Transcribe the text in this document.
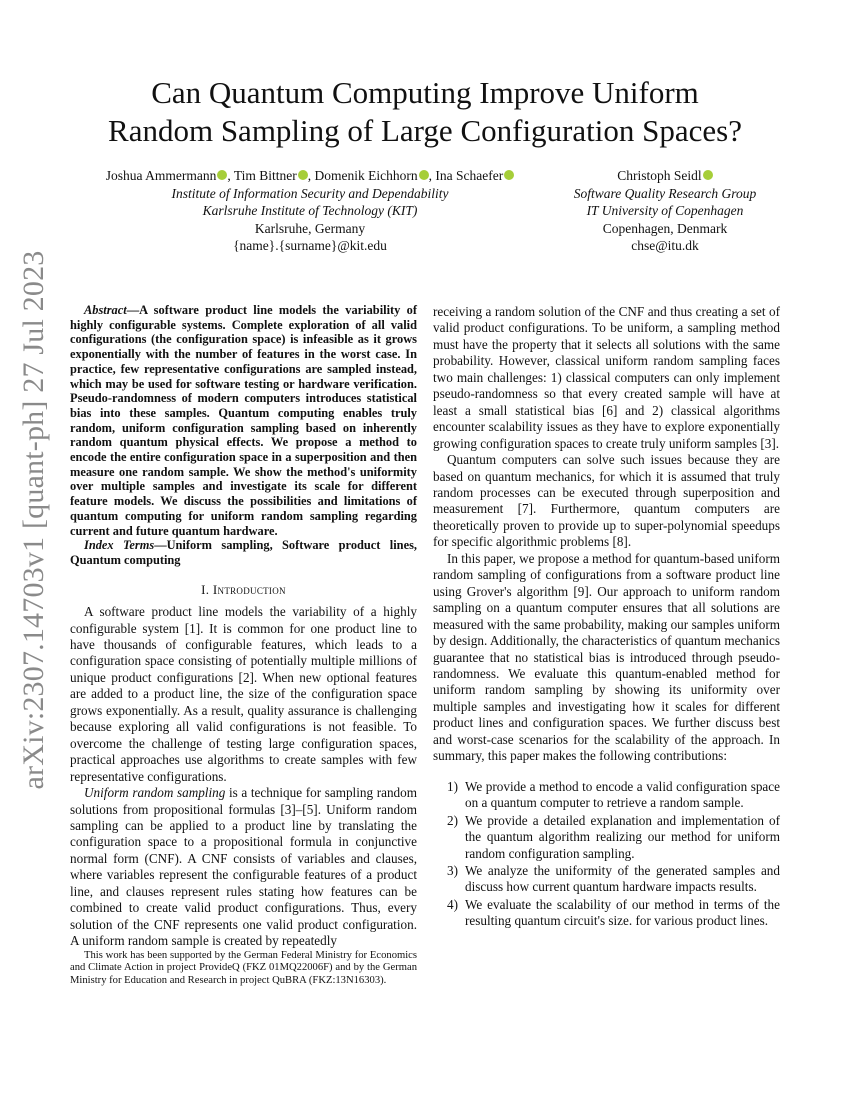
arXiv:2307.14703v1 [quant-ph] 27 Jul 2023
Can Quantum Computing Improve Uniform
Random Sampling of Large Configuration Spaces?
Joshua Ammermann , Tim Bittner , Domenik Eichhorn , Ina Schaefer
Institute of Information Security and Dependability
Karlsruhe Institute of Technology (KIT)
Karlsruhe, Germany
{name}.{surname}@kit.edu
Christoph Seidl
Software Quality Research Group
IT University of Copenhagen
Copenhagen, Denmark
chse@itu.dk

Abstract—A software product line models the variability of highly configurable systems. Complete exploration of all valid configurations (the configuration space) is infeasible as it grows exponentially with the number of features in the worst case. In practice, few representative configurations are sampled instead, which may be used for software testing or hardware verification. Pseudo-randomness of modern computers introduces statistical bias into these samples. Quantum computing enables truly random, uniform configuration sampling based on inherently random quantum physical effects. We propose a method to encode the entire configuration space in a superposition and then measure one random sample. We show the method's uniformity over multiple samples and investigate its scale for different feature models. We discuss the possibilities and limitations of quantum computing for uniform random sampling regarding current and future quantum hardware.

Index Terms—Uniform sampling, Software product lines, Quantum computing

I. Introduction

A software product line models the variability of a highly configurable system [1]. It is common for one product line to have thousands of configurable features, which leads to a configuration space consisting of potentially multiple millions of unique product configurations [2]. When new optional features are added to a product line, the size of the configuration space grows exponentially. As a result, quality assurance is challenging because exploring all valid configurations is not feasible. To overcome the challenge of testing large configuration spaces, practical approaches use algorithms to create samples with few representative configurations.

Uniform random sampling is a technique for sampling random solutions from propositional formulas [3]–[5]. Uniform random sampling can be applied to a product line by translating the configuration space to a propositional formula in conjunctive normal form (CNF). A CNF consists of variables and clauses, where variables represent the configurable features of a product line, and clauses represent rules stating how features can be combined to create valid product configurations. Thus, every solution of the CNF represents one valid product configuration. A uniform random sample is created by repeatedly

This work has been supported by the German Federal Ministry for Economics and Climate Action in project ProvideQ (FKZ 01MQ22006F) and by the German Ministry for Education and Research in project QuBRA (FKZ:13N16303).

receiving a random solution of the CNF and thus creating a set of valid product configurations. To be uniform, a sampling method must have the property that it selects all solutions with the same probability. However, classical uniform random sampling faces two main challenges: 1) classical computers can only implement pseudo-randomness so that every created sample will have at least a small statistical bias [6] and 2) classical algorithms encounter scalability issues as they have to explore exponentially growing configuration spaces to create truly uniform samples [3].

Quantum computers can solve such issues because they are based on quantum mechanics, for which it is assumed that truly random processes can be executed through superposition and measurement [7]. Furthermore, quantum computers are theoretically proven to provide up to super-polynomial speedups for specific algorithmic problems [8].

In this paper, we propose a method for quantum-based uniform random sampling of configurations from a software product line using Grover's algorithm [9]. Our approach to uniform random sampling on a quantum computer ensures that all solutions are measured with the same probability, making our samples uniform by design. Additionally, the characteristics of quantum mechanics guarantee that no statistical bias is introduced through pseudo-randomness. We evaluate this quantum-enabled method for uniform random sampling by showing its uniformity over multiple samples and investigating how it scales for different product lines and configuration spaces. We further discuss best and worst-case scenarios for the scalability of the approach. In summary, this paper makes the following contributions:

1) We provide a method to encode a valid configuration space on a quantum computer to retrieve a random sample.
2) We provide a detailed explanation and implementation of the quantum algorithm realizing our method for uniform random configuration sampling.
3) We analyze the uniformity of the generated samples and discuss how current quantum hardware impacts results.
4) We evaluate the scalability of our method in terms of the resulting quantum circuit's size. for various product lines.
